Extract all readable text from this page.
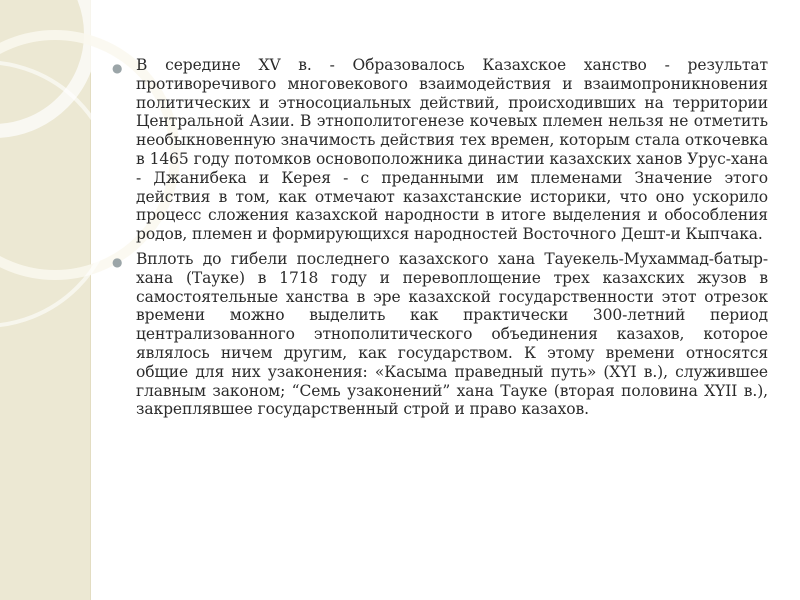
● В середине XV в. - Образовалось Казахское ханство - результат противоречивого многовекового взаимодействия и взаимопроникновения политических и этносоциальных действий, происходивших на территории Центральной Азии. В этнополитогенезе кочевых племен нельзя не отметить необыкновенную значимость действия тех времен, которым стала откочевка в 1465 году потомков основоположника династии казахских ханов Урус-хана - Джанибека и Керея - с преданными им племенами Значение этого действия в том, как отмечают казахстанские историки, что оно ускорило процесс сложения казахской народности в итоге выделения и обособления родов, племен и формирующихся народностей Восточного Дешт-и Кыпчака.
● Вплоть до гибели последнего казахского хана Тауекель-Мухаммад-батыр-хана (Тауке) в 1718 году и перевоплощение трех казахских жузов в самостоятельные ханства в эре казахской государственности этот отрезок времени можно выделить как практически 300-летний период централизованного этнополитического объединения казахов, которое являлось ничем другим, как государством. К этому времени относятся общие для них узаконения: «Касыма праведный путь» (XYI в.), служившее главным законом; “Семь узаконений” хана Тауке (вторая половина XYII в.), закреплявшее государственный строй и право казахов.
